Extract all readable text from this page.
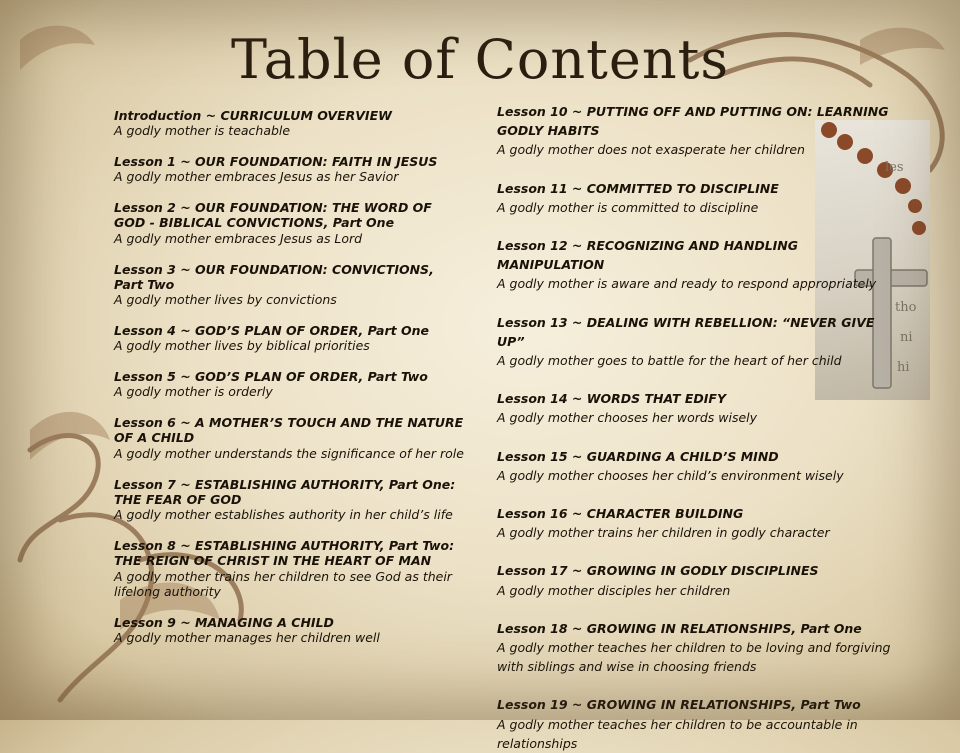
Table of Contents
les
tho
ni
hi
Introduction ~ CURRICULUM OVERVIEW
A godly mother is teachable
Lesson 1 ~ OUR FOUNDATION: FAITH IN JESUS
A godly mother embraces Jesus as her Savior
Lesson 2 ~ OUR FOUNDATION: THE WORD OF GOD - BIBLICAL CONVICTIONS, Part One
A godly mother embraces Jesus as Lord
Lesson 3 ~ OUR FOUNDATION: CONVICTIONS, Part Two
A godly mother lives by convictions
Lesson 4 ~ GOD’S PLAN OF ORDER, Part One
A godly mother lives by biblical priorities
Lesson 5 ~ GOD’S PLAN OF ORDER, Part Two
A godly mother is orderly
Lesson 6 ~ A MOTHER’S TOUCH AND THE NATURE OF A CHILD
A godly mother understands the significance of her role
Lesson 7 ~ ESTABLISHING AUTHORITY, Part One: THE FEAR OF GOD
A godly mother establishes authority in her child’s life
Lesson 8 ~ ESTABLISHING AUTHORITY, Part Two: THE REIGN OF CHRIST IN THE HEART OF MAN
A godly mother trains her children to see God as their lifelong authority
Lesson 9 ~ MANAGING A CHILD
A godly mother manages her children well
Lesson 10 ~ PUTTING OFF AND PUTTING ON: LEARNING GODLY HABITS
A godly mother does not exasperate her children
Lesson 11 ~ COMMITTED TO DISCIPLINE
A godly mother is committed to discipline
Lesson 12 ~ RECOGNIZING AND HANDLING MANIPULATION
A godly mother is aware and ready to respond appropriately
Lesson 13 ~ DEALING WITH REBELLION: “NEVER GIVE UP”
A godly mother goes to battle for the heart of her child
Lesson 14 ~ WORDS THAT EDIFY
A godly mother chooses her words wisely
Lesson 15 ~ GUARDING A CHILD’S MIND
A godly mother chooses her child’s environment wisely
Lesson 16 ~ CHARACTER BUILDING
A godly mother trains her children in godly character
Lesson 17 ~ GROWING IN GODLY DISCIPLINES
A godly mother disciples her children
Lesson 18 ~ GROWING IN RELATIONSHIPS, Part One
A godly mother teaches her children to be loving and forgiving with siblings and wise in choosing friends
Lesson 19 ~ GROWING IN RELATIONSHIPS, Part Two
A godly mother teaches her children to be accountable in relationships
